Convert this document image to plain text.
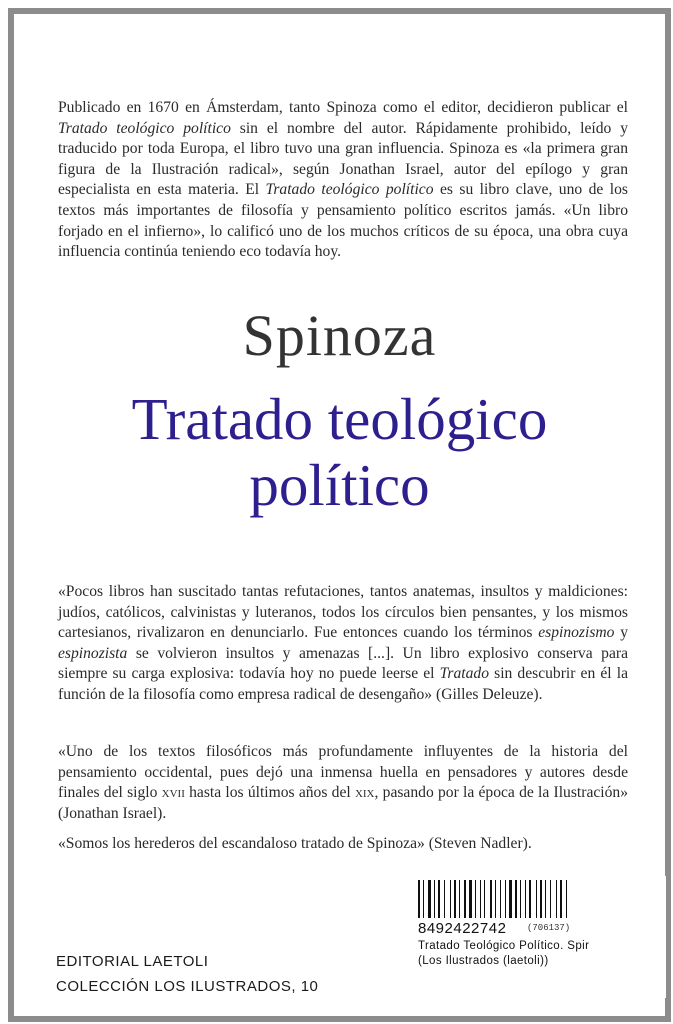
Publicado en 1670 en Ámsterdam, tanto Spinoza como el editor, decidieron publicar el Tratado teológico político sin el nombre del autor. Rápidamente prohibido, leído y traducido por toda Europa, el libro tuvo una gran influencia. Spinoza es «la primera gran figura de la Ilustración radical», según Jonathan Israel, autor del epílogo y gran especialista en esta materia. El Tratado teológico político es su libro clave, uno de los textos más importantes de filosofía y pensamiento político escritos jamás. «Un libro forjado en el infierno», lo calificó uno de los muchos críticos de su época, una obra cuya influencia continúa teniendo eco todavía hoy.
Spinoza
Tratado teológico
político
«Pocos libros han suscitado tantas refutaciones, tantos anatemas, insultos y maldiciones: judíos, católicos, calvinistas y luteranos, todos los círculos bien pensantes, y los mismos cartesianos, rivalizaron en denunciarlo. Fue entonces cuando los términos espinozismo y espinozista se volvieron insultos y amenazas [...]. Un libro explosivo conserva para siempre su carga explosiva: todavía hoy no puede leerse el Tratado sin descubrir en él la función de la filosofía como empresa radical de desengaño» (Gilles Deleuze).
«Uno de los textos filosóficos más profundamente influyentes de la historia del pensamiento occidental, pues dejó una inmensa huella en pensadores y autores desde finales del siglo xvii hasta los últimos años del xix, pasando por la época de la Ilustración» (Jonathan Israel).
«Somos los herederos del escandaloso tratado de Spinoza» (Steven Nadler).
EDITORIAL LAETOLI
COLECCIÓN LOS ILUSTRADOS, 10
8492422742 (706137)
Tratado Teológico Político. Spir
(Los Ilustrados (laetoli))
